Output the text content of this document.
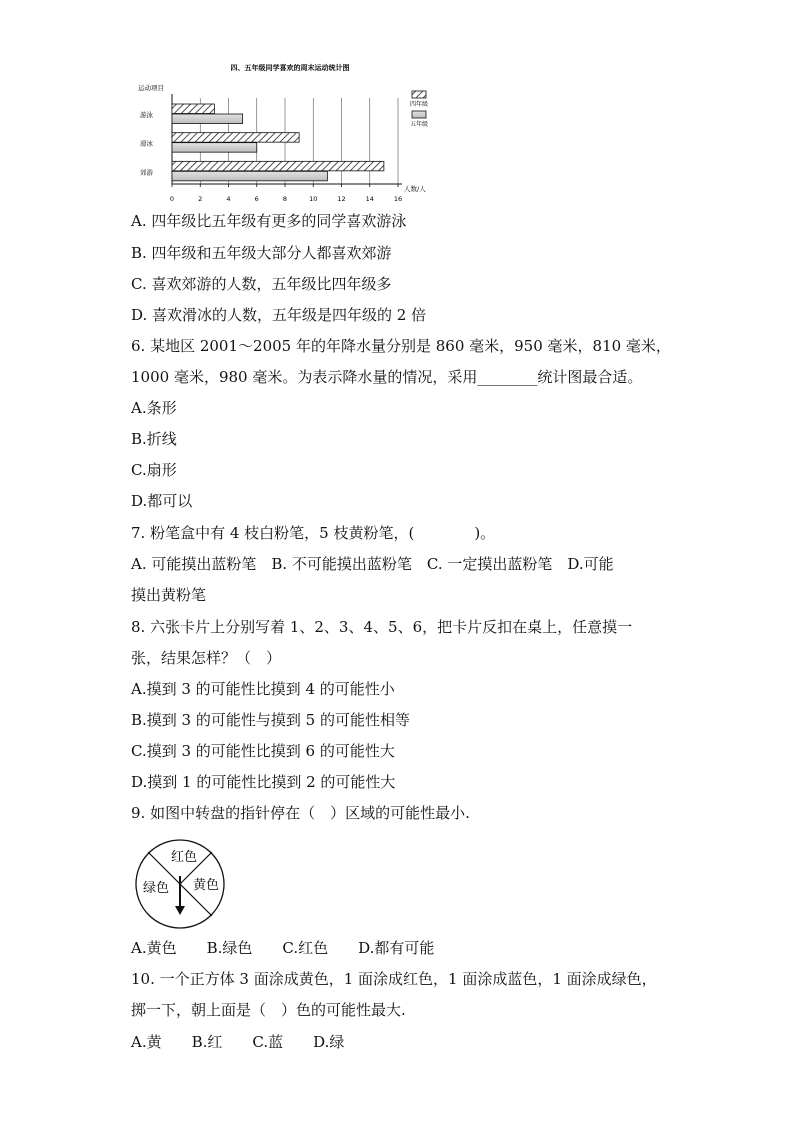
四、五年级同学喜欢的周末运动统计图
运动项目
人数/人
0	2	4	6	8	10	12	14	16
游泳
滑冰
郊游
四年级
五年级
A. 四年级比五年级有更多的同学喜欢游泳
B. 四年级和五年级大部分人都喜欢郊游
C. 喜欢郊游的人数，五年级比四年级多
D. 喜欢滑冰的人数，五年级是四年级的 2 倍
6. 某地区 2001～2005 年的年降水量分别是 860 毫米，950 毫米，810 毫米，
1000 毫米，980 毫米。为表示降水量的情况，采用________统计图最合适。
A.条形
B.折线
C.扇形
D.都可以
7. 粉笔盒中有 4 枝白粉笔，5 枝黄粉笔，(　　　　)。
A. 可能摸出蓝粉笔　B. 不可能摸出蓝粉笔　C. 一定摸出蓝粉笔　D.可能
摸出黄粉笔
8. 六张卡片上分别写着 1、2、3、4、5、6，把卡片反扣在桌上，任意摸一
张，结果怎样？（　）
A.摸到 3 的可能性比摸到 4 的可能性小
B.摸到 3 的可能性与摸到 5 的可能性相等
C.摸到 3 的可能性比摸到 6 的可能性大
D.摸到 1 的可能性比摸到 2 的可能性大
9. 如图中转盘的指针停在（　）区域的可能性最小.
A.黄色　　B.绿色　　C.红色　　D.都有可能
10. 一个正方体 3 面涂成黄色，1 面涂成红色，1 面涂成蓝色，1 面涂成绿色，
掷一下，朝上面是（　）色的可能性最大.
A.黄　　B.红　　C.蓝　　D.绿
红色
黄色
绿色
